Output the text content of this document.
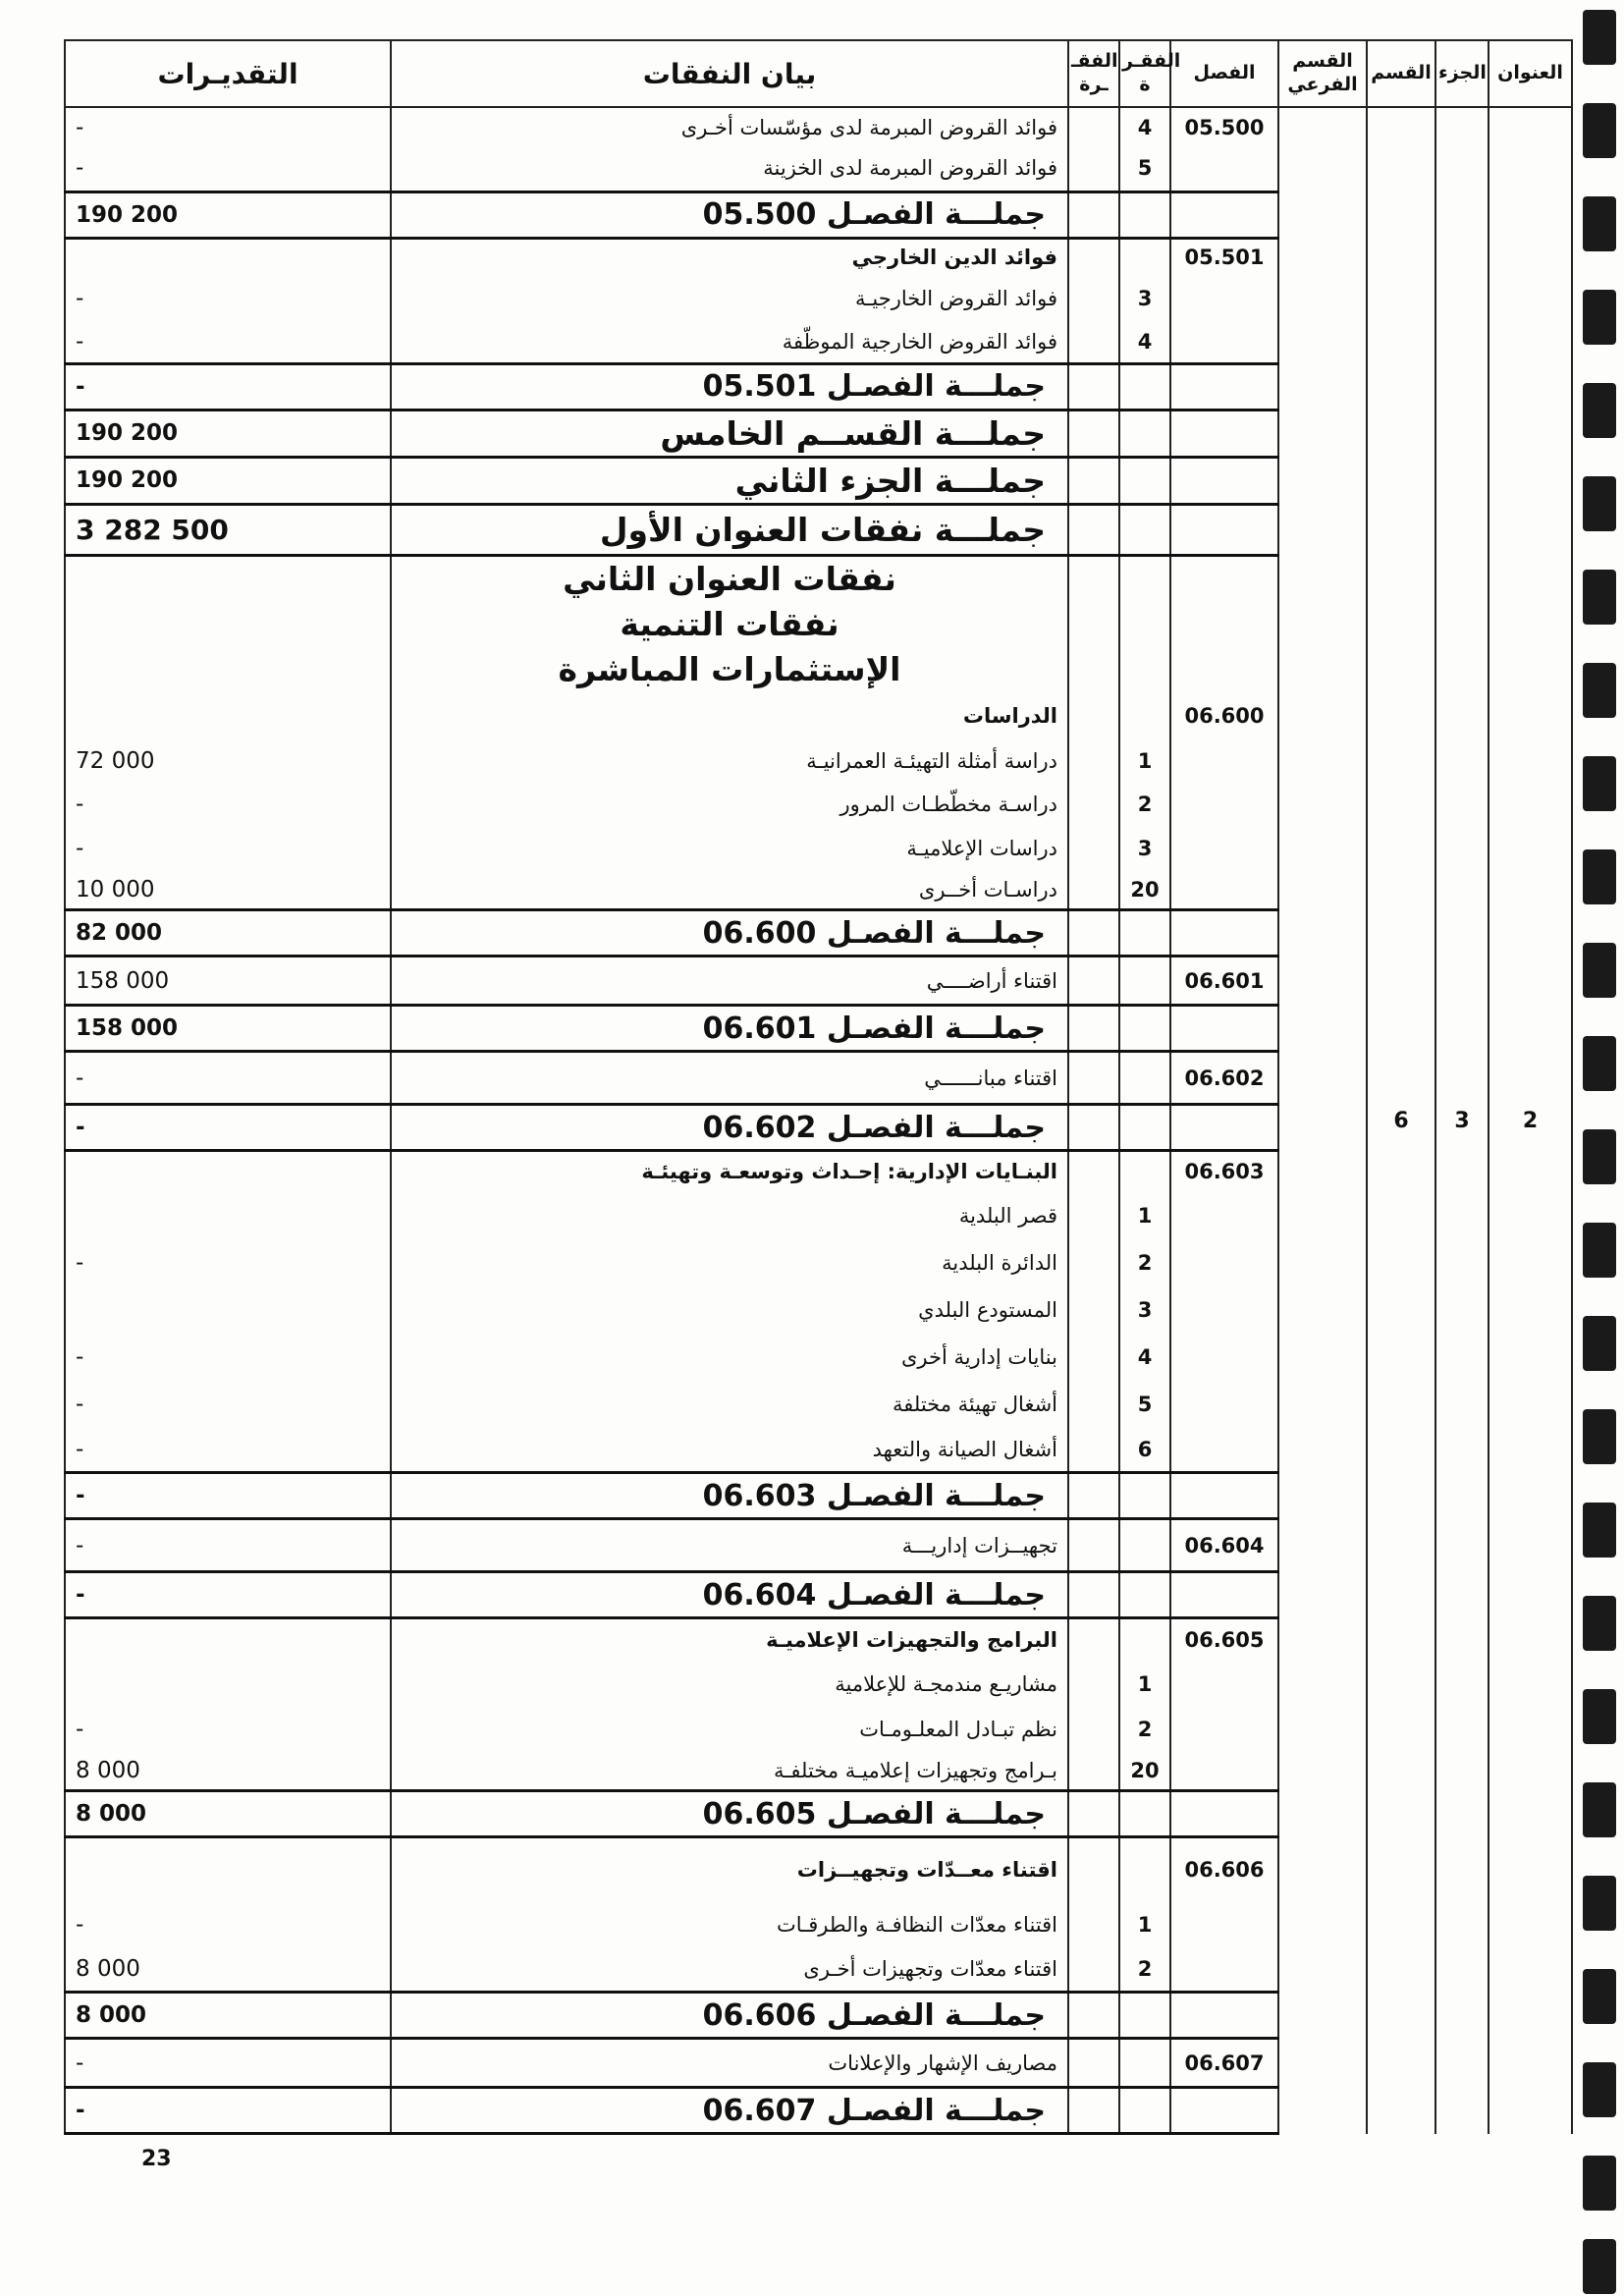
التقديـرات	بيان النفقات	الفقـ ـرة	الفقـر ة	الفصل	القسم الفرعي	القسم	الجزء	العنوان
-	فوائد القروض المبرمة لدى مؤسّسات أخـرى		4	05.500		6	3	2
-	فوائد القروض المبرمة لدى الخزينة		5					
190 200	جملـــة الفصـل 05.500							
	فوائد الدين الخارجي			05.501				
-	فوائد القروض الخارجيـة		3					
-	فوائد القروض الخارجية الموظّفة		4					
-	جملـــة الفصـل 05.501							
190 200	جملـــة القســم الخامس							
190 200	جملـــة الجزء الثاني							
3 282 500	جملـــة نفقات العنوان الأول							
	نفقات العنوان الثاني							
	نفقات التنمية							
	الإستثمارات المباشرة							
	الدراسات			06.600				
72 000	دراسة أمثلة التهيئـة العمرانيـة		1					
-	دراسـة مخطّطـات المرور		2					
-	دراسات الإعلاميـة		3					
10 000	دراسـات أخــرى		20					
82 000	جملـــة الفصـل 06.600							
158 000	اقتناء أراضــــي			06.601				
158 000	جملـــة الفصـل 06.601							
-	اقتناء مبانــــــي			06.602				
-	جملـــة الفصـل 06.602							
	البنـايات الإدارية: إحـداث وتوسعـة وتهيئـة			06.603				
	قصر البلدية		1					
-	الدائرة البلدية		2					
	المستودع البلدي		3					
-	بنايات إدارية أخرى		4					
-	أشغال تهيئة مختلفة		5					
-	أشغال الصيانة والتعهد		6					
-	جملـــة الفصـل 06.603							
-	تجهيــزات إداريـــة			06.604				
-	جملـــة الفصـل 06.604							
	البرامج والتجهيزات الإعلاميـة			06.605				
	مشاريـع مندمجـة للإعلامية		1					
-	نظم تبـادل المعلـومـات		2					
8 000	بـرامج وتجهيزات إعلاميـة مختلفـة		20					
8 000	جملـــة الفصـل 06.605							
	اقتناء معــدّات وتجهيــزات			06.606				
-	اقتناء معدّات النظافـة والطرقـات		1					
8 000	اقتناء معدّات وتجهيزات أخـرى		2					
8 000	جملـــة الفصـل 06.606							
-	مصاريف الإشهار والإعلانات			06.607				
-	جملـــة الفصـل 06.607							
23
